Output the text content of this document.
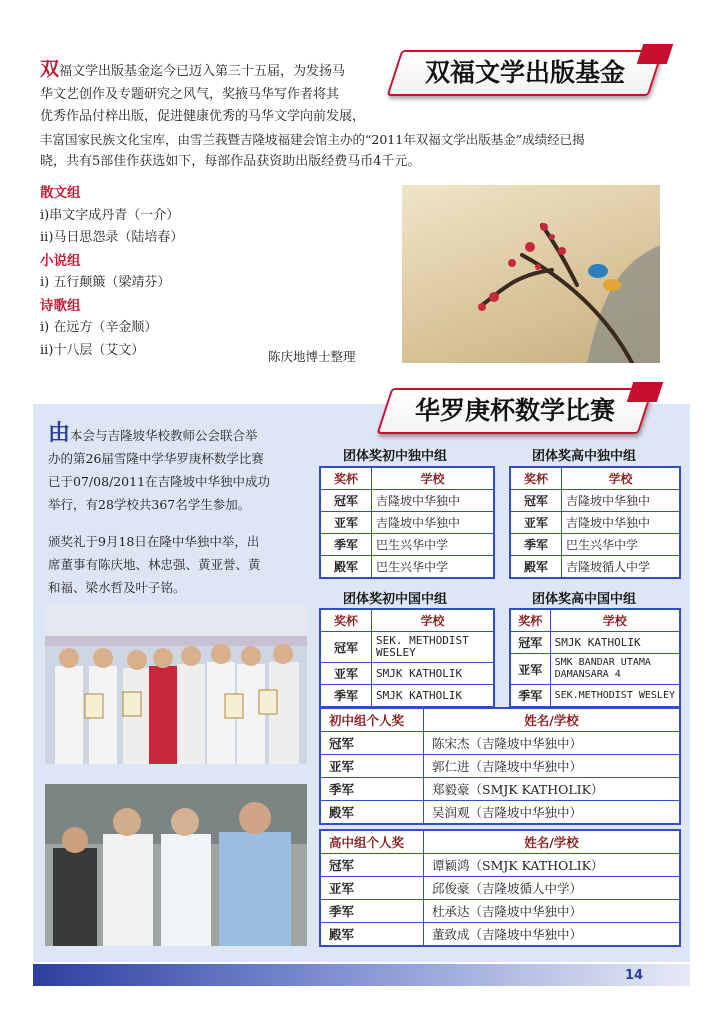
双福文学出版基金
双福文学出版基金迄今已迈入第三十五届，为发扬马
华文艺创作及专题研究之风气，奖掖马华写作者将其
优秀作品付梓出版，促进健康优秀的马华文学向前发展，
丰富国家民族文化宝库，由雪兰莪暨吉隆坡福建会馆主办的“2011年双福文学出版基金”成绩经已揭
晓，共有5部佳作获选如下，每部作品获资助出版经费马币4千元。
散文组
i)串文字成丹青（一介）
ii)马日思怨录（陆培春）
小说组
i) 五行颠簸（梁靖芬）
诗歌组
i) 在远方（辛金顺）
ii)十八层（艾文）	陈庆地博士整理
华罗庚杯数学比赛
由本会与吉隆坡华校教师公会联合举
办的第26届雪隆中学华罗庚杯数学比赛
已于07/08/2011在吉隆坡中华独中成功
举行，有28学校共367名学生参加。
颁奖礼于9月18日在隆中华独中举，出
席董事有陈庆地、林忠强、黄亚誉、黄
和福、梁水哲及叶子铭。
团体奖初中独中组
奖杯	学校
冠军	吉隆坡中华独中
亚军	吉隆坡中华独中
季军	巴生兴华中学
殿军	巴生兴华中学
团体奖高中独中组
奖杯	学校
冠军	吉隆坡中华独中
亚军	吉隆坡中华独中
季军	巴生兴华中学
殿军	吉隆坡循人中学
团体奖初中国中组
奖杯	学校
冠军	SEK. METHODIST WESLEY
亚军	SMJK KATHOLIK
季军	SMJK KATHOLIK
团体奖高中国中组
奖杯	学校
冠军	SMJK KATHOLIK
亚军	SMK BANDAR UTAMA DAMANSARA 4
季军	SEK.METHODIST WESLEY
初中组个人奖	姓名/学校
冠军	陈宋杰（吉隆坡中华独中）
亚军	郭仁进（吉隆坡中华独中）
季军	郑毅豪（SMJK KATHOLIK）
殿军	吴润观（吉隆坡中华独中）
高中组个人奖	姓名/学校
冠军	谭颖鸿（SMJK KATHOLIK）
亚军	邱俊豪（吉隆坡循人中学）
季军	杜承达（吉隆坡中华独中）
殿军	董致成（吉隆坡中华独中）
14
